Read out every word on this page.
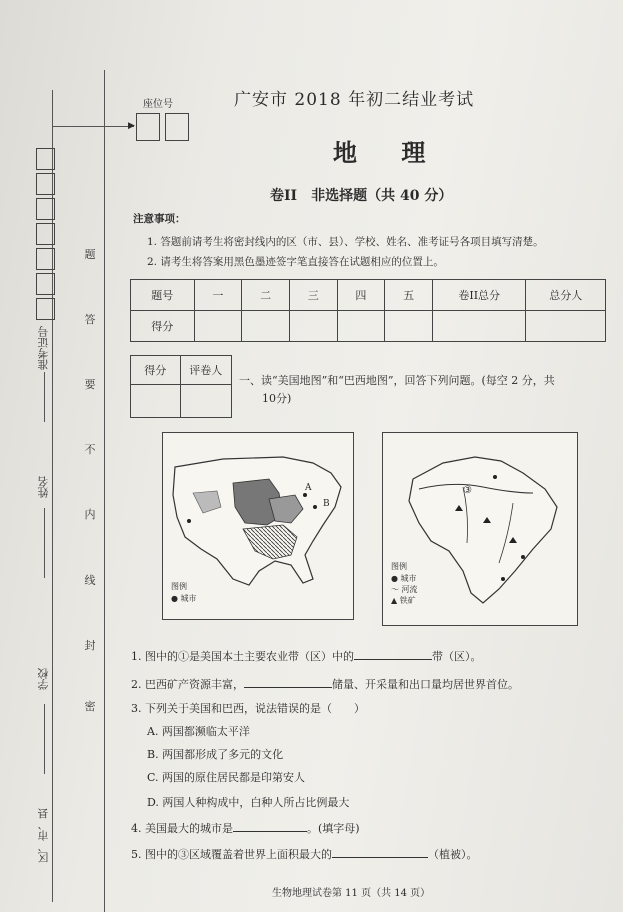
座位号
▶
准考证号
姓名
学校
区、市、县
题
答
要
不
内
线
封
密
广安市 2018 年初二结业考试
地 理
卷II　非选择题（共 40 分）
注意事项：
1. 答题前请考生将密封线内的区（市、县）、学校、姓名、准考证号各项目填写清楚。
2. 请考生将答案用黑色墨迹签字笔直接答在试题相应的位置上。
题号	一	二	三	四	五	卷II总分	总分人
得分							
得分	评卷人

一、读“美国地图”和“巴西地图”，回答下列问题。(每空 2 分，共
10分)
B
A
图例
● 城市
③
图例
● 城市
～ 河流
▲ 铁矿
1. 图中的①是美国本土主要农业带（区）中的	带（区）。
2. 巴西矿产资源丰富，	储量、开采量和出口量均居世界首位。
3. 下列关于美国和巴西，说法错误的是（　　）
A. 两国都濒临太平洋
B. 两国都形成了多元的文化
C. 两国的原住居民都是印第安人
D. 两国人种构成中，白种人所占比例最大
4. 美国最大的城市是	。(填字母)
5. 图中的③区域覆盖着世界上面积最大的	（植被）。
生物地理试卷第 11 页（共 14 页）
